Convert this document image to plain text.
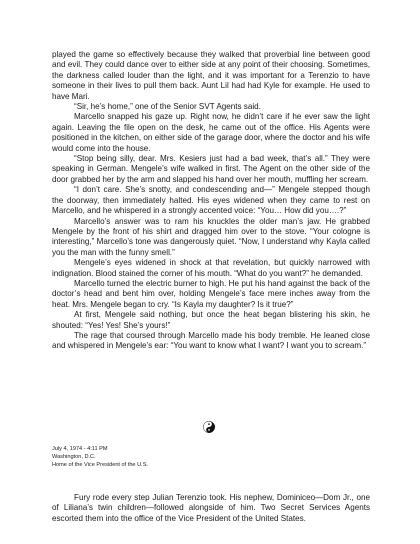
played the game so effectively because they walked that proverbial line between good and evil. They could dance over to either side at any point of their choosing. Sometimes, the darkness called louder than the light, and it was important for a Terenzio to have someone in their lives to pull them back. Aunt Lil had had Kyle for example. He used to have Mari.

“Sir, he’s home,” one of the Senior SVT Agents said.

Marcello snapped his gaze up. Right now, he didn’t care if he ever saw the light again. Leaving the file open on the desk, he came out of the office. His Agents were positioned in the kitchen, on either side of the garage door, where the doctor and his wife would come into the house.

“Stop being silly, dear. Mrs. Kesiers just had a bad week, that’s all.” They were speaking in German. Mengele’s wife walked in first. The Agent on the other side of the door grabbed her by the arm and slapped his hand over her mouth, muffling her scream.

“I don’t care. She’s snotty, and condescending and—” Mengele stepped though the doorway, then immediately halted. His eyes widened when they came to rest on Marcello, and he whispered in a strongly accented voice: “You… How did you….?”

Marcello’s answer was to ram his knuckles the older man’s jaw. He grabbed Mengele by the front of his shirt and dragged him over to the stove. “Your cologne is interesting,” Marcello’s tone was dangerously quiet. “Now, I understand why Kayla called you the man with the funny smell.”

Mengele’s eyes widened in shock at that revelation, but quickly narrowed with indignation. Blood stained the corner of his mouth. “What do you want?” he demanded.

Marcello turned the electric burner to high. He put his hand against the back of the doctor’s head and bent him over, holding Mengele’s face mere inches away from the heat. Mrs. Mengele began to cry. “Is Kayla my daughter? Is it true?”

At first, Mengele said nothing, but once the heat began blistering his skin, he shouted: “Yes! Yes! She’s yours!”

The rage that coursed through Marcello made his body tremble. He leaned close and whispered in Mengele’s ear: “You want to know what I want? I want you to scream.”

July 4, 1974 - 4:11 PM
Washington, D.C.
Home of the Vice President of the U.S.

Fury rode every step Julian Terenzio took. His nephew, Dominiceo—Dom Jr., one of Liliana’s twin children—followed alongside of him. Two Secret Services Agents escorted them into the office of the Vice President of the United States.
